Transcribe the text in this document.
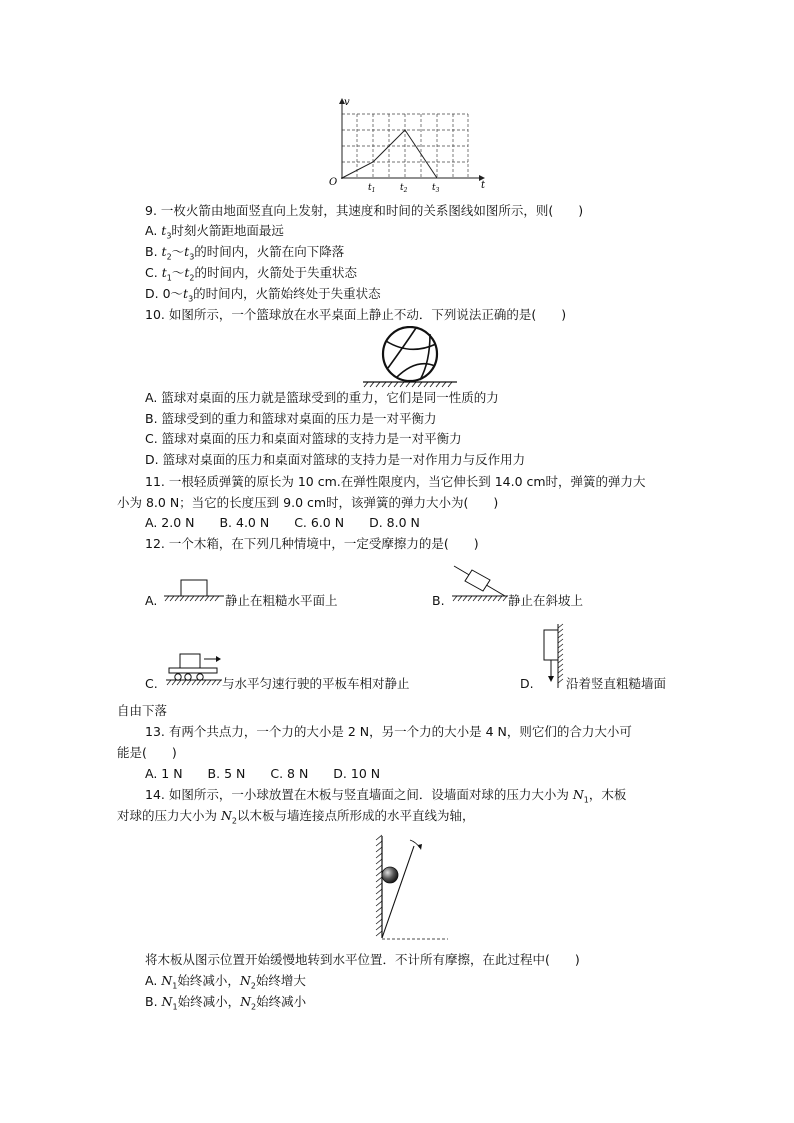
v
t
O	$t_1$	$t_2$	$t_3$
9. 一枚火箭由地面竖直向上发射，其速度和时间的关系图线如图所示，则(　　)
A. $t_3$时刻火箭距地面最远
B. $t_2\sim t_3$的时间内，火箭在向下降落
C. $t_1\sim t_2$的时间内，火箭处于失重状态
D. $0\sim t_3$的时间内，火箭始终处于失重状态
10. 如图所示，一个篮球放在水平桌面上静止不动．下列说法正确的是(　　)
A. 篮球对桌面的压力就是篮球受到的重力，它们是同一性质的力
B. 篮球受到的重力和篮球对桌面的压力是一对平衡力
C. 篮球对桌面的压力和桌面对篮球的支持力是一对平衡力
D. 篮球对桌面的压力和桌面对篮球的支持力是一对作用力与反作用力
11. 一根轻质弹簧的原长为 10 cm.在弹性限度内，当它伸长到 14.0 cm时，弹簧的弹力大
小为 8.0 N；当它的长度压到 9.0 cm时，该弹簧的弹力大小为(　　)
A. 2.0 N　　B. 4.0 N　　C. 6.0 N　　D. 8.0 N
12. 一个木箱，在下列几种情境中，一定受摩擦力的是(　　)
A.	静止在粗糙水平面上	B.	静止在斜坡上
C.	与水平匀速行驶的平板车相对静止	D.	沿着竖直粗糙墙面
自由下落
13. 有两个共点力，一个力的大小是 2 N，另一个力的大小是 4 N，则它们的合力大小可
能是(　　)
A. 1 N　　B. 5 N　　C. 8 N　　D. 10 N
14. 如图所示，一小球放置在木板与竖直墙面之间．设墙面对球的压力大小为 $N_1$，木板
对球的压力大小为 $N_2$以木板与墙连接点所形成的水平直线为轴，
将木板从图示位置开始缓慢地转到水平位置．不计所有摩擦，在此过程中(　　)
A. $N_1$始终减小，$N_2$始终增大
B. $N_1$始终减小，$N_2$始终减小
